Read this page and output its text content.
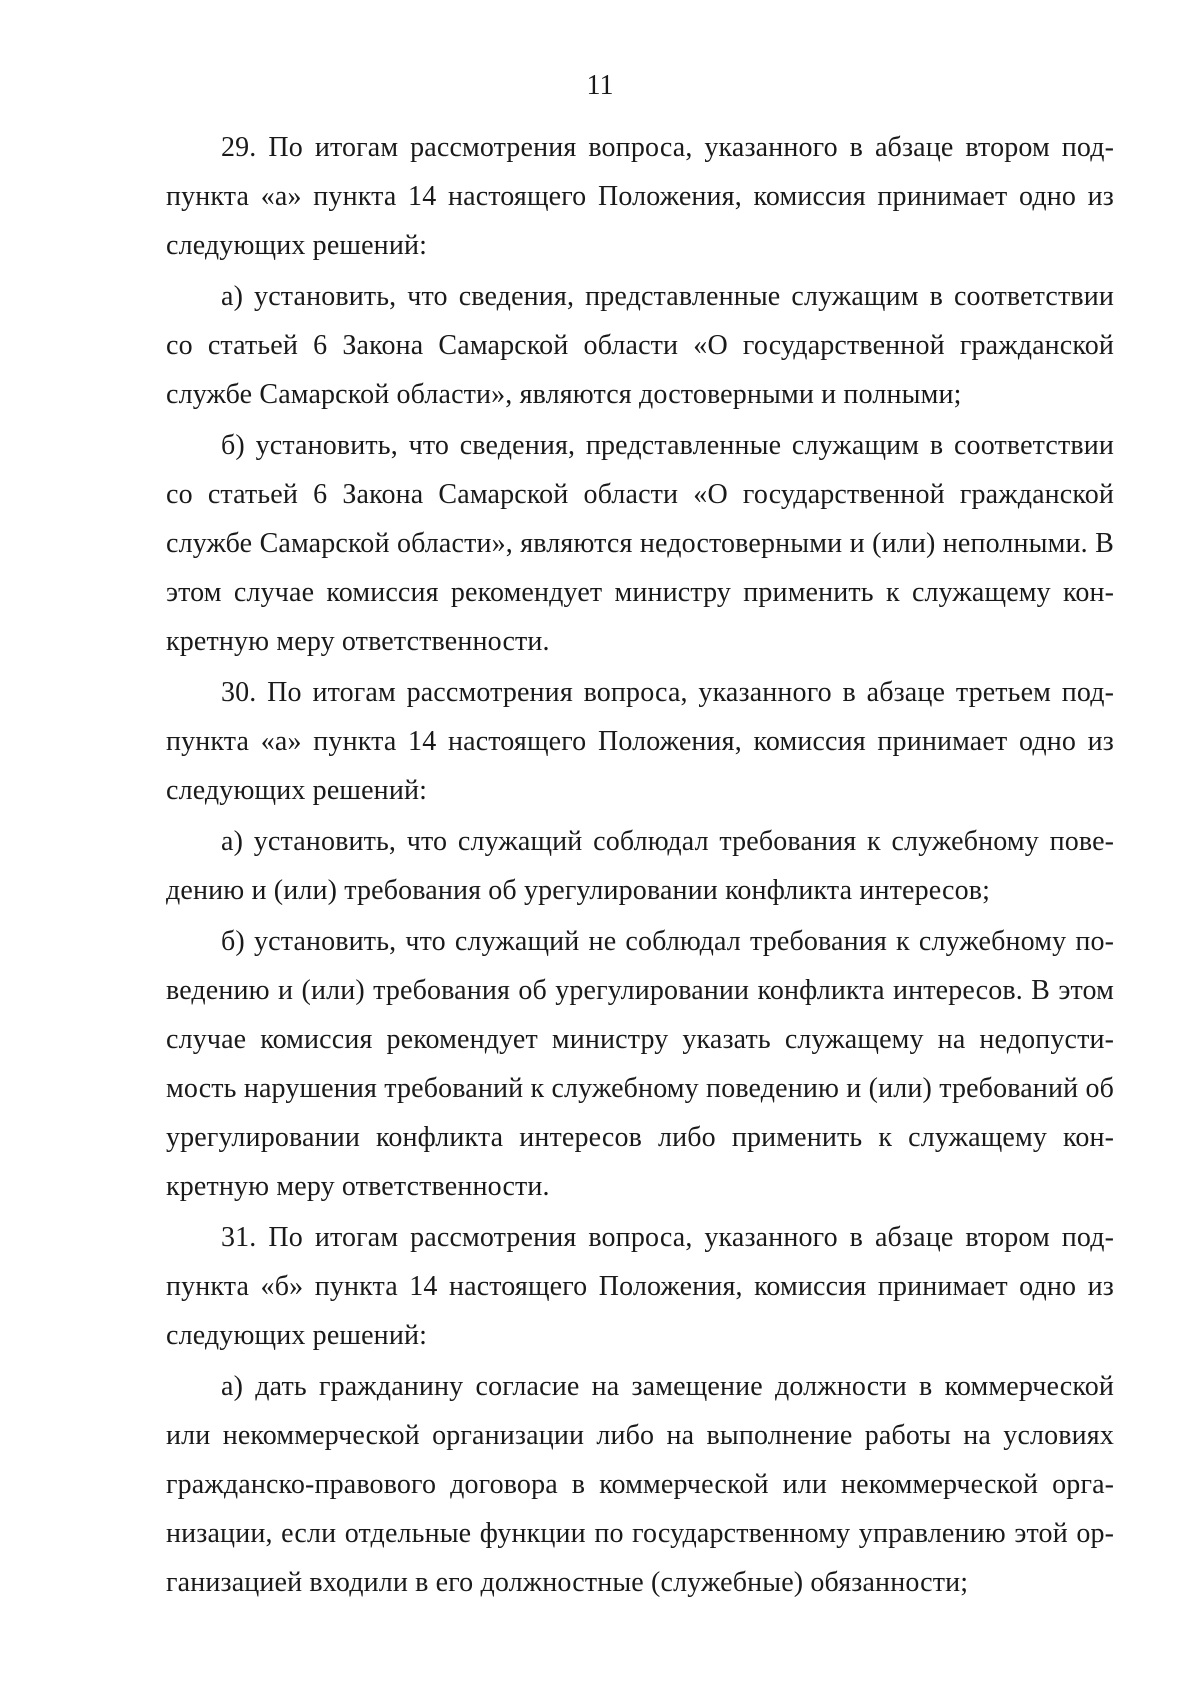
11

29. По итогам рассмотрения вопроса, указанного в абзаце втором подпункта «а» пункта 14 настоящего Положения, комиссия принимает одно из следующих решений:

а) установить, что сведения, представленные служащим в соответствии со статьей 6 Закона Самарской области «О государственной гражданской службе Самарской области», являются достоверными и полными;

б) установить, что сведения, представленные служащим в соответствии со статьей 6 Закона Самарской области «О государственной гражданской службе Самарской области», являются недостоверными и (или) неполными. В этом случае комиссия рекомендует министру применить к служащему конкретную меру ответственности.

30. По итогам рассмотрения вопроса, указанного в абзаце третьем подпункта «а» пункта 14 настоящего Положения, комиссия принимает одно из следующих решений:

а) установить, что служащий соблюдал требования к служебному поведению и (или) требования об урегулировании конфликта интересов;

б) установить, что служащий не соблюдал требования к служебному поведению и (или) требования об урегулировании конфликта интересов. В этом случае комиссия рекомендует министру указать служащему на недопустимость нарушения требований к служебному поведению и (или) требований об урегулировании конфликта интересов либо применить к служащему конкретную меру ответственности.

31. По итогам рассмотрения вопроса, указанного в абзаце втором подпункта «б» пункта 14 настоящего Положения, комиссия принимает одно из следующих решений:

а) дать гражданину согласие на замещение должности в коммерческой или некоммерческой организации либо на выполнение работы на условиях гражданско-правового договора в коммерческой или некоммерческой организации, если отдельные функции по государственному управлению этой организацией входили в его должностные (служебные) обязанности;
